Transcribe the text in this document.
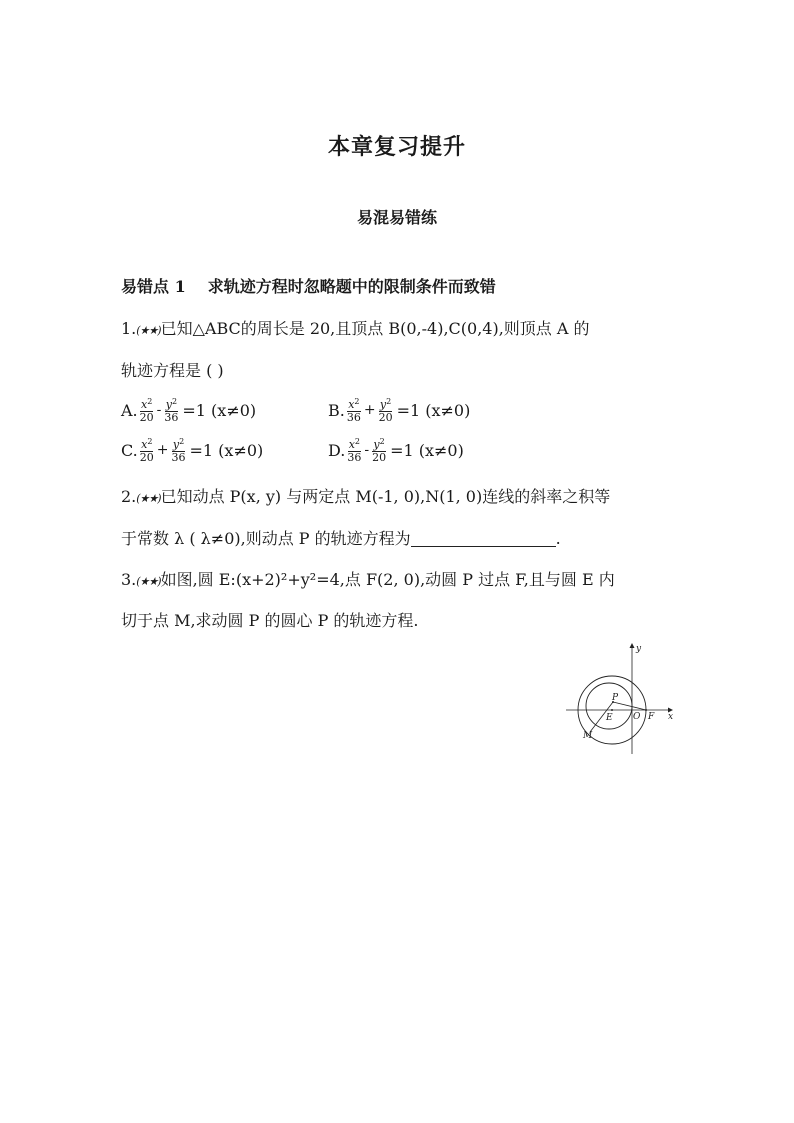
本章复习提升
易混易错练
易错点 1 求轨迹方程时忽略题中的限制条件而致错
1.(★★)已知△ABC的周长是 20,且顶点 B(0,-4),C(0,4),则顶点 A 的
轨迹方程是 ( )
A. $\frac{x^2}{20} - \frac{y^2}{36} =1$ (x≠0)	B. $\frac{x^2}{36} + \frac{y^2}{20} =1$ (x≠0)
C. $\frac{x^2}{20} + \frac{y^2}{36} =1$ (x≠0)	D. $\frac{x^2}{36} - \frac{y^2}{20} =1$ (x≠0)
2.(★★)已知动点 P(x, y) 与两定点 M(-1, 0),N(1, 0)连线的斜率之积等
于常数 λ ( λ≠0),则动点 P 的轨迹方程为	.
3.(★★)如图,圆 E:(x+2)²+y²=4,点 F(2, 0),动圆 P 过点 F,且与圆 E 内
切于点 M,求动圆 P 的圆心 P 的轨迹方程.
y
x
P
E O F
M
